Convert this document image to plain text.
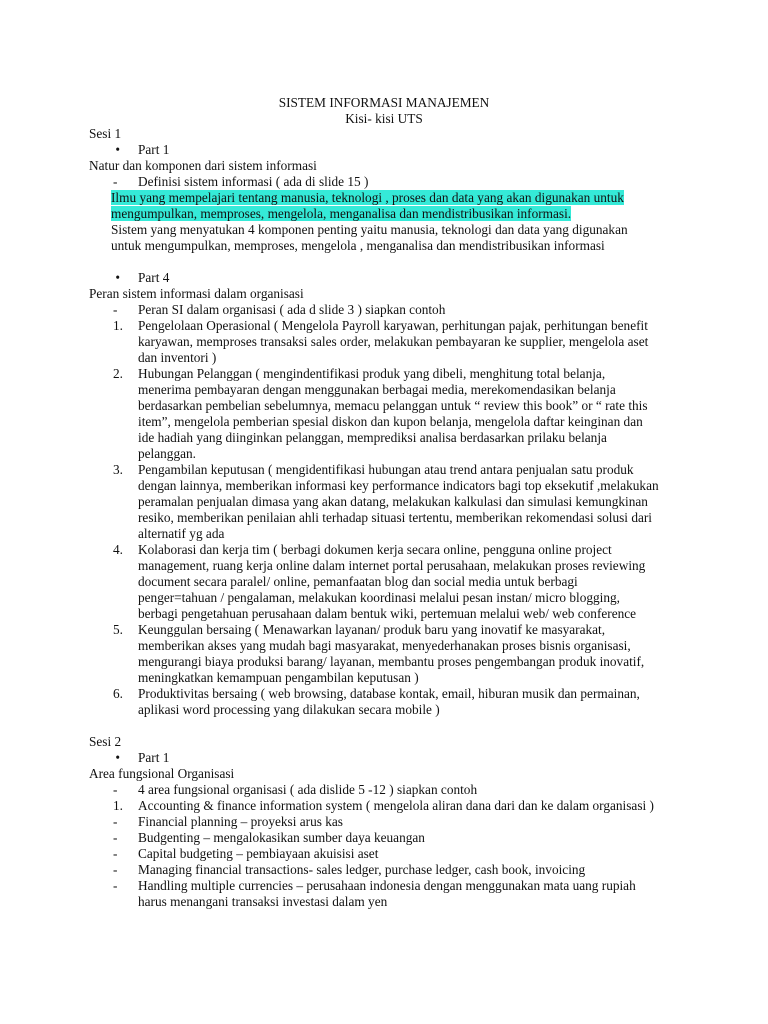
SISTEM INFORMASI MANAJEMEN
Kisi- kisi UTS
Sesi 1
•	Part 1
Natur dan komponen dari sistem informasi
-	Definisi sistem informasi ( ada di slide 15 )
Ilmu yang mempelajari tentang manusia, teknologi , proses dan data yang akan digunakan untuk
mengumpulkan, memproses, mengelola, menganalisa dan mendistribusikan informasi.
Sistem yang menyatukan 4 komponen penting yaitu manusia, teknologi dan data yang digunakan
untuk mengumpulkan, memproses, mengelola , menganalisa dan mendistribusikan informasi
•	Part 4
Peran sistem informasi dalam organisasi
-	Peran SI dalam organisasi ( ada d slide 3 ) siapkan contoh
1.	Pengelolaan Operasional ( Mengelola Payroll karyawan, perhitungan pajak, perhitungan benefit
karyawan, memproses transaksi sales order, melakukan pembayaran ke supplier, mengelola aset
dan inventori )
2.	Hubungan Pelanggan ( mengindentifikasi produk yang dibeli, menghitung total belanja,
menerima pembayaran dengan menggunakan berbagai media, merekomendasikan belanja
berdasarkan pembelian sebelumnya, memacu pelanggan untuk “ review this book” or “ rate this
item”, mengelola pemberian spesial diskon dan kupon belanja, mengelola daftar keinginan dan
ide hadiah yang diinginkan pelanggan, memprediksi analisa berdasarkan prilaku belanja
pelanggan.
3.	Pengambilan keputusan ( mengidentifikasi hubungan atau trend antara penjualan satu produk
dengan lainnya, memberikan informasi key performance indicators bagi top eksekutif ,melakukan
peramalan penjualan dimasa yang akan datang, melakukan kalkulasi dan simulasi kemungkinan
resiko, memberikan penilaian ahli terhadap situasi tertentu, memberikan rekomendasi solusi dari
alternatif yg ada
4.	Kolaborasi dan kerja tim ( berbagi dokumen kerja secara online, pengguna online project
management, ruang kerja online dalam internet portal perusahaan, melakukan proses reviewing
document secara paralel/ online, pemanfaatan blog dan social media untuk berbagi
penger=tahuan / pengalaman, melakukan koordinasi melalui pesan instan/ micro blogging,
berbagi pengetahuan perusahaan dalam bentuk wiki, pertemuan melalui web/ web conference
5.	Keunggulan bersaing ( Menawarkan layanan/ produk baru yang inovatif ke masyarakat,
memberikan akses yang mudah bagi masyarakat, menyederhanakan proses bisnis organisasi,
mengurangi biaya produksi barang/ layanan, membantu proses pengembangan produk inovatif,
meningkatkan kemampuan pengambilan keputusan )
6.	Produktivitas bersaing ( web browsing, database kontak, email, hiburan musik dan permainan,
aplikasi word processing yang dilakukan secara mobile )
Sesi 2
•	Part 1
Area fungsional Organisasi
-	4 area fungsional organisasi ( ada dislide 5 -12 ) siapkan contoh
1.	Accounting & finance information system ( mengelola aliran dana dari dan ke dalam organisasi )
-	Financial planning – proyeksi arus kas
-	Budgenting – mengalokasikan sumber daya keuangan
-	Capital budgeting – pembiayaan akuisisi aset
-	Managing financial transactions- sales ledger, purchase ledger, cash book, invoicing
-	Handling multiple currencies – perusahaan indonesia dengan menggunakan mata uang rupiah
harus menangani transaksi investasi dalam yen
